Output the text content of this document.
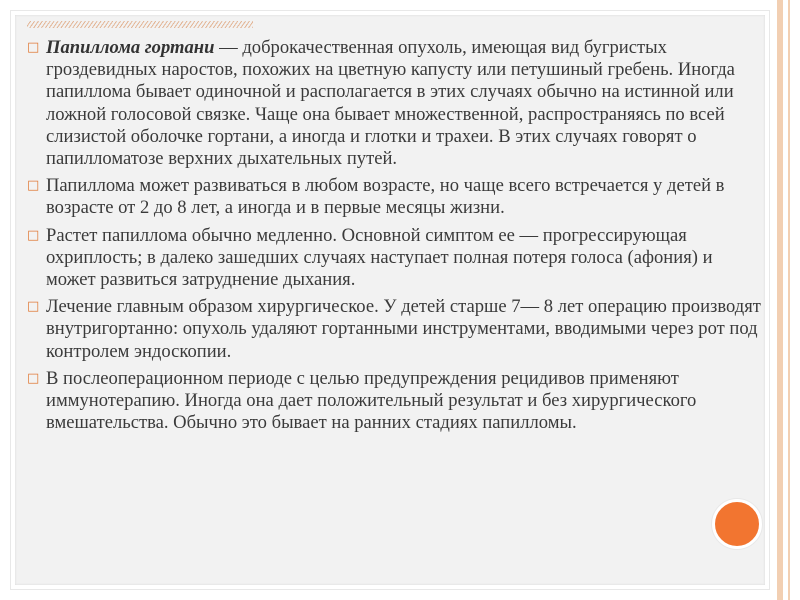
□ Папиллома гортани — доброкачественная опухоль, имеющая вид бугристых гроздевидных наростов, похожих на цветную капусту или петушиный гребень. Иногда папиллома бывает одиночной и располагается в этих случаях обычно на истинной или ложной голосовой связке. Чаще она бывает множественной, распространяясь по всей слизистой оболочке гортани, а иногда и глотки и трахеи. В этих случаях говорят о папилломатозе верхних дыхательных путей.

□ Папиллома может развиваться в любом возрасте, но чаще всего встречается у детей в возрасте от 2 до 8 лет, а иногда и в первые месяцы жизни.

□ Растет папиллома обычно медленно. Основной симптом ее — прогрессирующая охриплость; в далеко зашедших случаях наступает полная потеря голоса (афония) и может развиться затруднение дыхания.

□ Лечение главным образом хирургическое. У детей старше 7— 8 лет операцию производят внутригортанно: опухоль удаляют гортанными инструментами, вводимыми через рот под контролем эндоскопии.

□ В послеоперационном периоде с целью предупреждения рецидивов применяют иммунотерапию. Иногда она дает положительный результат и без хирургического вмешательства. Обычно это бывает на ранних стадиях папилломы.
